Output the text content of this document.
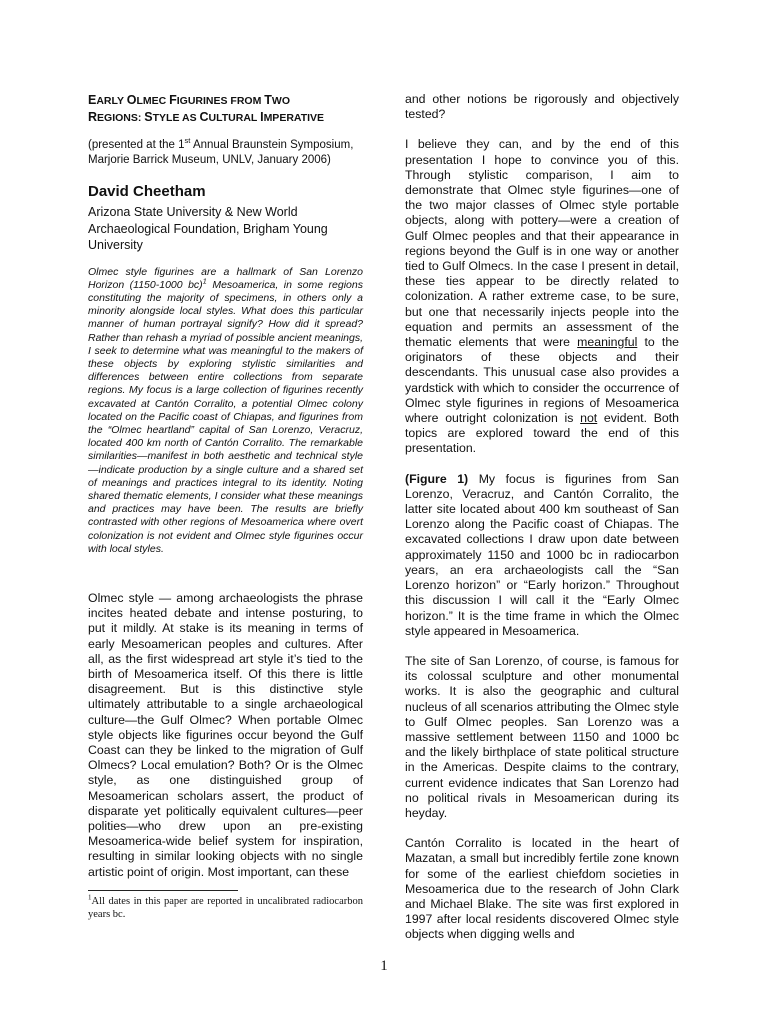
EARLY OLMEC FIGURINES FROM TWO
REGIONS: STYLE AS CULTURAL IMPERATIVE
(presented at the 1st Annual Braunstein Symposium, Marjorie Barrick Museum, UNLV, January 2006)
David Cheetham
Arizona State University & New World Archaeological Foundation, Brigham Young University
Olmec style figurines are a hallmark of San Lorenzo Horizon (1150-1000 bc)$^1$ Mesoamerica, in some regions constituting the majority of specimens, in others only a minority alongside local styles. What does this particular manner of human portrayal signify? How did it spread? Rather than rehash a myriad of possible ancient meanings, I seek to determine what was meaningful to the makers of these objects by exploring stylistic similarities and differences between entire collections from separate regions. My focus is a large collection of figurines recently excavated at Cantón Corralito, a potential Olmec colony located on the Pacific coast of Chiapas, and figurines from the “Olmec heartland” capital of San Lorenzo, Veracruz, located 400 km north of Cantón Corralito. The remarkable similarities—manifest in both aesthetic and technical style—indicate production by a single culture and a shared set of meanings and practices integral to its identity. Noting shared thematic elements, I consider what these meanings and practices may have been. The results are briefly contrasted with other regions of Mesoamerica where overt colonization is not evident and Olmec style figurines occur with local styles.
Olmec style — among archaeologists the phrase incites heated debate and intense posturing, to put it mildly. At stake is its meaning in terms of early Mesoamerican peoples and cultures. After all, as the first widespread art style it’s tied to the birth of Mesoamerica itself. Of this there is little disagreement. But is this distinctive style ultimately attributable to a single archaeological culture—the Gulf Olmec? When portable Olmec style objects like figurines occur beyond the Gulf Coast can they be linked to the migration of Gulf Olmecs? Local emulation? Both? Or is the Olmec style, as one distinguished group of Mesoamerican scholars assert, the product of disparate yet politically equivalent cultures—peer polities—who drew upon an pre-existing Mesoamerica-wide belief system for inspiration, resulting in similar looking objects with no single artistic point of origin. Most important, can these
$^1$All dates in this paper are reported in uncalibrated radiocarbon years bc.
and other notions be rigorously and objectively tested?
I believe they can, and by the end of this presentation I hope to convince you of this. Through stylistic comparison, I aim to demonstrate that Olmec style figurines—one of the two major classes of Olmec style portable objects, along with pottery—were a creation of Gulf Olmec peoples and that their appearance in regions beyond the Gulf is in one way or another tied to Gulf Olmecs. In the case I present in detail, these ties appear to be directly related to colonization. A rather extreme case, to be sure, but one that necessarily injects people into the equation and permits an assessment of the thematic elements that were meaningful to the originators of these objects and their descendants. This unusual case also provides a yardstick with which to consider the occurrence of Olmec style figurines in regions of Mesoamerica where outright colonization is not evident. Both topics are explored toward the end of this presentation.
(Figure 1) My focus is figurines from San Lorenzo, Veracruz, and Cantón Corralito, the latter site located about 400 km southeast of San Lorenzo along the Pacific coast of Chiapas. The excavated collections I draw upon date between approximately 1150 and 1000 bc in radiocarbon years, an era archaeologists call the “San Lorenzo horizon” or “Early horizon.” Throughout this discussion I will call it the “Early Olmec horizon.” It is the time frame in which the Olmec style appeared in Mesoamerica.
The site of San Lorenzo, of course, is famous for its colossal sculpture and other monumental works. It is also the geographic and cultural nucleus of all scenarios attributing the Olmec style to Gulf Olmec peoples. San Lorenzo was a massive settlement between 1150 and 1000 bc and the likely birthplace of state political structure in the Americas. Despite claims to the contrary, current evidence indicates that San Lorenzo had no political rivals in Mesoamerican during its heyday.
Cantón Corralito is located in the heart of Mazatan, a small but incredibly fertile zone known for some of the earliest chiefdom societies in Mesoamerica due to the research of John Clark and Michael Blake. The site was first explored in 1997 after local residents discovered Olmec style objects when digging wells and
1
